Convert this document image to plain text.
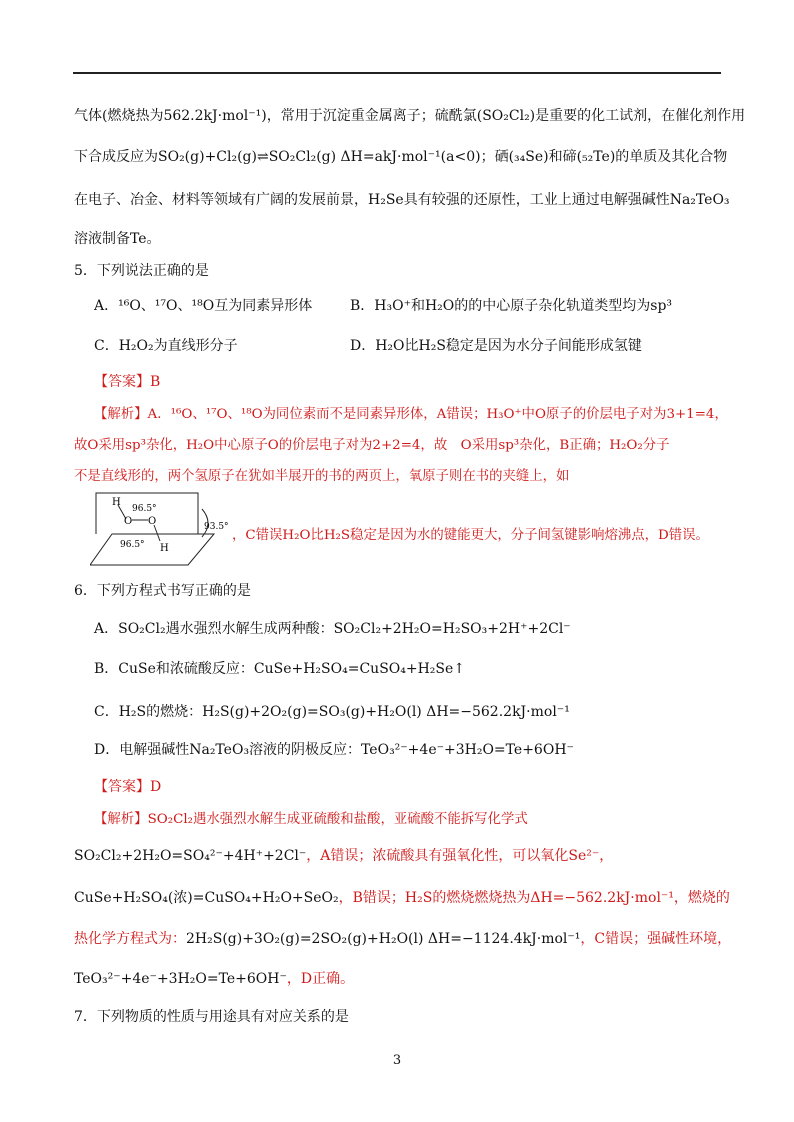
气体(燃烧热为562.2kJ·mol⁻¹)，常用于沉淀重金属离子；硫酰氯(SO₂Cl₂)是重要的化工试剂，在催化剂作用
下合成反应为SO₂(g)+Cl₂(g)⇌SO₂Cl₂(g) ΔH=akJ·mol⁻¹(a<0)；硒(₃₄Se)和碲(₅₂Te)的单质及其化合物
在电子、冶金、材料等领域有广阔的发展前景，H₂Se具有较强的还原性，工业上通过电解强碱性Na₂TeO₃
溶液制备Te。
5．下列说法正确的是
A．¹⁶O、¹⁷O、¹⁸O互为同素异形体	B．H₃O⁺和H₂O的的中心原子杂化轨道类型均为sp³
C．H₂O₂为直线形分子	D．H₂O比H₂S稳定是因为水分子间能形成氢键
【答案】B
【解析】A．¹⁶O、¹⁷O、¹⁸O为同位素而不是同素异形体，A错误；H₃O⁺中O原子的价层电子对为3+1=4，
故O采用sp³杂化，H₂O中心原子O的价层电子对为2+2=4，故　O采用sp³杂化，B正确；H₂O₂分子
不是直线形的，两个氢原子在犹如半展开的书的两页上，氧原子则在书的夹缝上，如
H
O O
H
96.5°
96.5°
93.5°
，C错误H₂O比H₂S稳定是因为水的键能更大，分子间氢键影响熔沸点，D错误。
6．下列方程式书写正确的是
A．SO₂Cl₂遇水强烈水解生成两种酸：SO₂Cl₂+2H₂O=H₂SO₃+2H⁺+2Cl⁻
B．CuSe和浓硫酸反应：CuSe+H₂SO₄=CuSO₄+H₂Se↑
C．H₂S的燃烧：H₂S(g)+2O₂(g)=SO₃(g)+H₂O(l) ΔH=−562.2kJ·mol⁻¹
D．电解强碱性Na₂TeO₃溶液的阴极反应：TeO₃²⁻+4e⁻+3H₂O=Te+6OH⁻
【答案】D
【解析】SO₂Cl₂遇水强烈水解生成亚硫酸和盐酸，亚硫酸不能拆写化学式
SO₂Cl₂+2H₂O=SO₄²⁻+4H⁺+2Cl⁻，A错误；浓硫酸具有强氧化性，可以氧化Se²⁻，
CuSe+H₂SO₄(浓)=CuSO₄+H₂O+SeO₂，B错误；H₂S的燃烧燃烧热为ΔH=−562.2kJ·mol⁻¹，燃烧的
热化学方程式为：2H₂S(g)+3O₂(g)=2SO₂(g)+H₂O(l) ΔH=−1124.4kJ·mol⁻¹，C错误；强碱性环境，
TeO₃²⁻+4e⁻+3H₂O=Te+6OH⁻，D正确。
7．下列物质的性质与用途具有对应关系的是
3
